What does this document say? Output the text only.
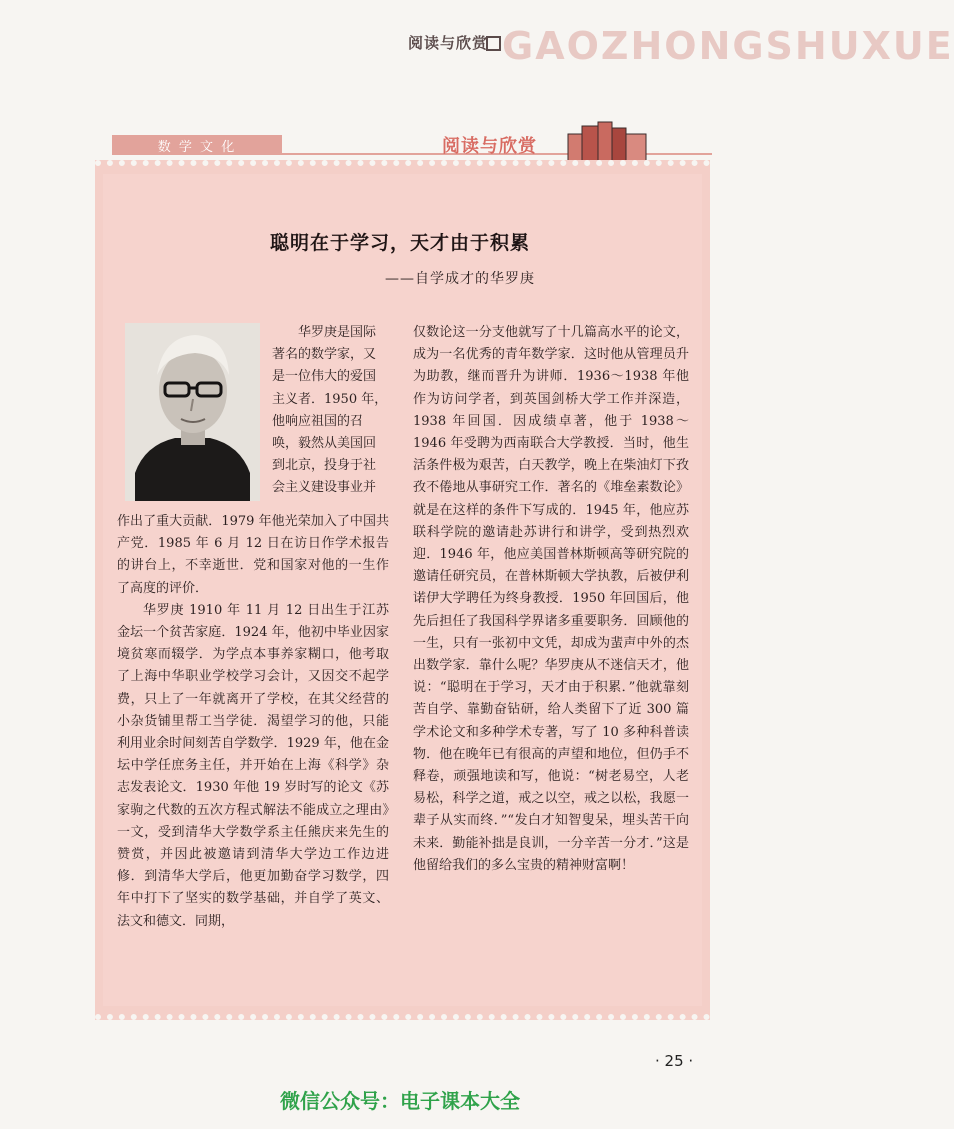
阅读与欣赏 GAOZHONGSHUXUE
数 学 文 化	阅读与欣赏
聪明在于学习，天才由于积累
——自学成才的华罗庚

华罗庚是国际著名的数学家，又是一位伟大的爱国主义者．1950 年，他响应祖国的召唤，毅然从美国回到北京，投身于社会主义建设事业并

作出了重大贡献．1979 年他光荣加入了中国共产党．1985 年 6 月 12 日在访日作学术报告的讲台上，不幸逝世．党和国家对他的一生作了高度的评价．

华罗庚 1910 年 11 月 12 日出生于江苏金坛一个贫苦家庭．1924 年，他初中毕业因家境贫寒而辍学．为学点本事养家糊口，他考取了上海中华职业学校学习会计，又因交不起学费，只上了一年就离开了学校，在其父经营的小杂货铺里帮工当学徒．渴望学习的他，只能利用业余时间刻苦自学数学．1929 年，他在金坛中学任庶务主任，并开始在上海《科学》杂志发表论文．1930 年他 19 岁时写的论文《苏家驹之代数的五次方程式解法不能成立之理由》一文，受到清华大学数学系主任熊庆来先生的赞赏，并因此被邀请到清华大学边工作边进修．到清华大学后，他更加勤奋学习数学，四年中打下了坚实的数学基础，并自学了英文、法文和德文．同期，

仅数论这一分支他就写了十几篇高水平的论文，成为一名优秀的青年数学家．这时他从管理员升为助教，继而晋升为讲师．1936～1938 年他作为访问学者，到英国剑桥大学工作并深造，1938 年回国．因成绩卓著，他于 1938～1946 年受聘为西南联合大学教授．当时，他生活条件极为艰苦，白天教学，晚上在柴油灯下孜孜不倦地从事研究工作．著名的《堆垒素数论》就是在这样的条件下写成的．1945 年，他应苏联科学院的邀请赴苏讲行和讲学，受到热烈欢迎．1946 年，他应美国普林斯顿高等研究院的邀请任研究员，在普林斯顿大学执教，后被伊利诺伊大学聘任为终身教授．1950 年回国后，他先后担任了我国科学界诸多重要职务．回顾他的一生，只有一张初中文凭，却成为蜚声中外的杰出数学家．靠什么呢？华罗庚从不迷信天才，他说：“聪明在于学习，天才由于积累．”他就靠刻苦自学、靠勤奋钻研，给人类留下了近 300 篇学术论文和多种学术专著，写了 10 多种科普读物．他在晚年已有很高的声望和地位，但仍手不释卷，顽强地读和写，他说：“树老易空，人老易松，科学之道，戒之以空，戒之以松，我愿一辈子从实而终．”“发白才知智叟呆，埋头苦干向未来．勤能补拙是良训，一分辛苦一分才．”这是他留给我们的多么宝贵的精神财富啊！

· 25 ·
微信公众号：电子课本大全
